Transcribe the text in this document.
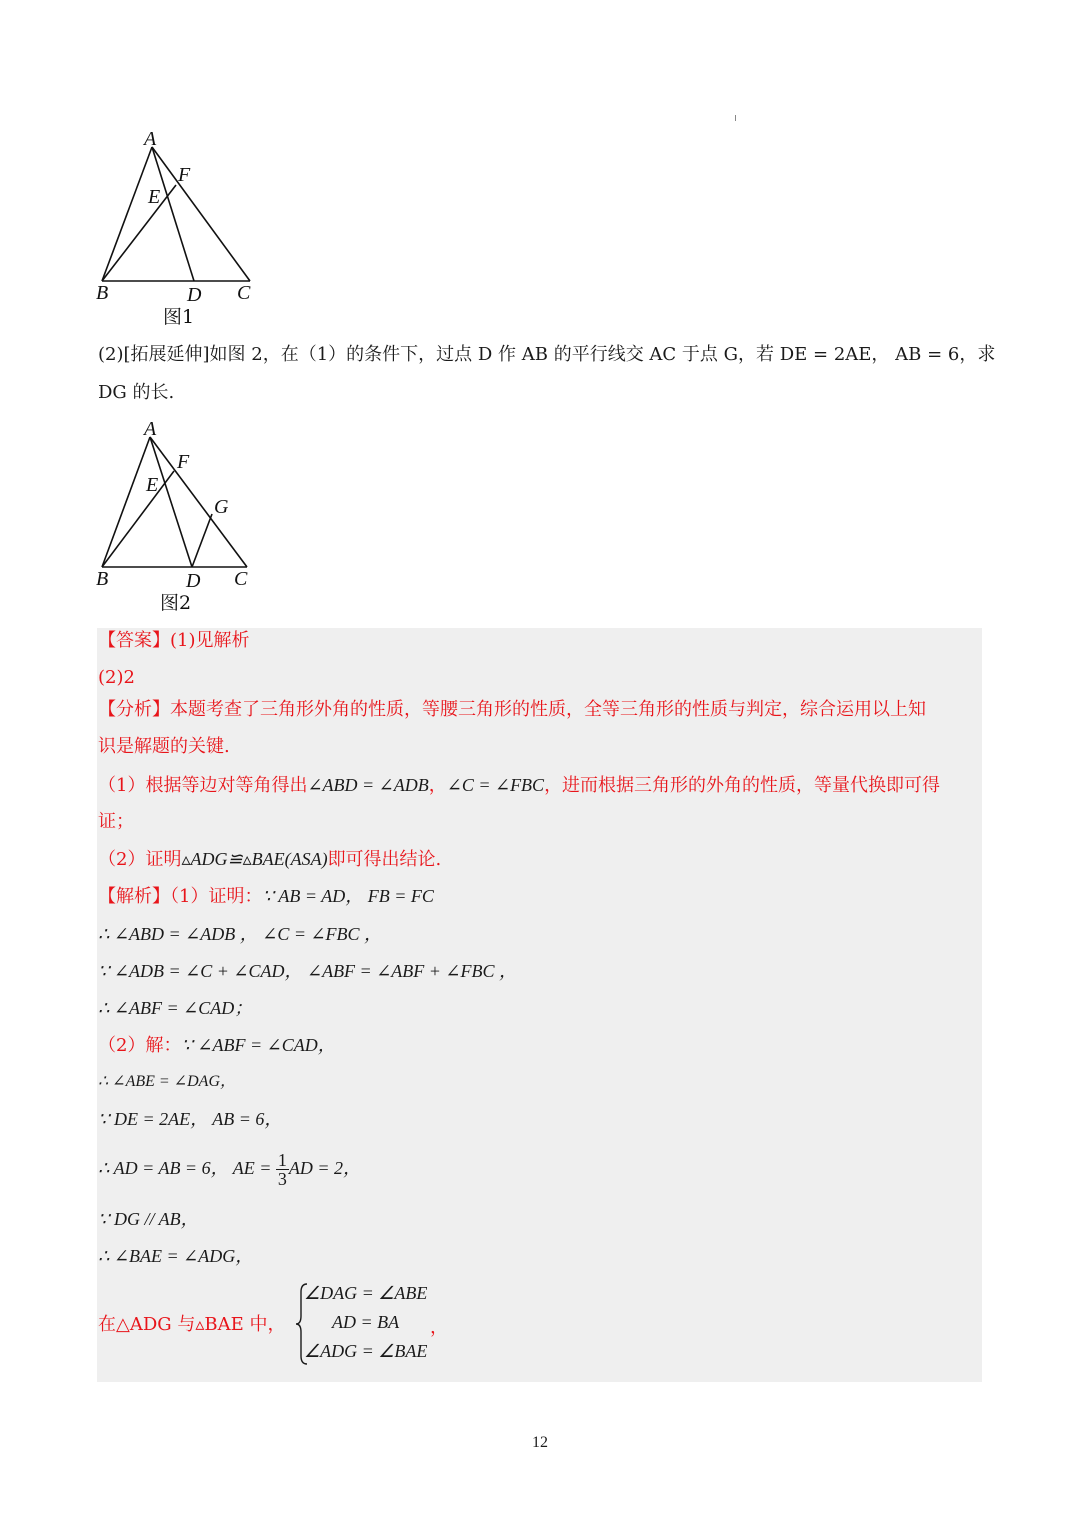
A
F
E
B	D C
图1
(2)[拓展延伸]如图 2，在（1）的条件下，过点 D 作 AB 的平行线交 AC 于点 G，若 DE = 2AE， AB = 6，求
DG 的长.
A
F
E
G
B	D C
图2
【答案】(1)见解析
(2)2
【分析】本题考查了三角形外角的性质，等腰三角形的性质，全等三角形的性质与判定，综合运用以上知
识是解题的关键.
（1）根据等边对等角得出∠ABD = ∠ADB，∠C = ∠FBC，进而根据三角形的外角的性质，等量代换即可得
证；
（2）证明▵ADG≌▵BAE(ASA)即可得出结论.
【解析】（1）证明：∵ AB = AD， FB = FC
∴ ∠ABD = ∠ADB ， ∠C = ∠FBC ，
∵ ∠ADB = ∠C + ∠CAD， ∠ABF = ∠ABF + ∠FBC ，
∴ ∠ABF = ∠CAD；
（2）解：∵ ∠ABF = ∠CAD，
∴ ∠ABE = ∠DAG，
∵ DE = 2AE， AB = 6，
∴ AD = AB = 6， AE = $\frac{1}{3}$ AD = 2，
∵ DG // AB，
∴ ∠BAE = ∠ADG，
在△ADG 与▵BAE 中，
∠DAG = ∠ABE
AD = BA
∠ADG = ∠BAE
，
12
